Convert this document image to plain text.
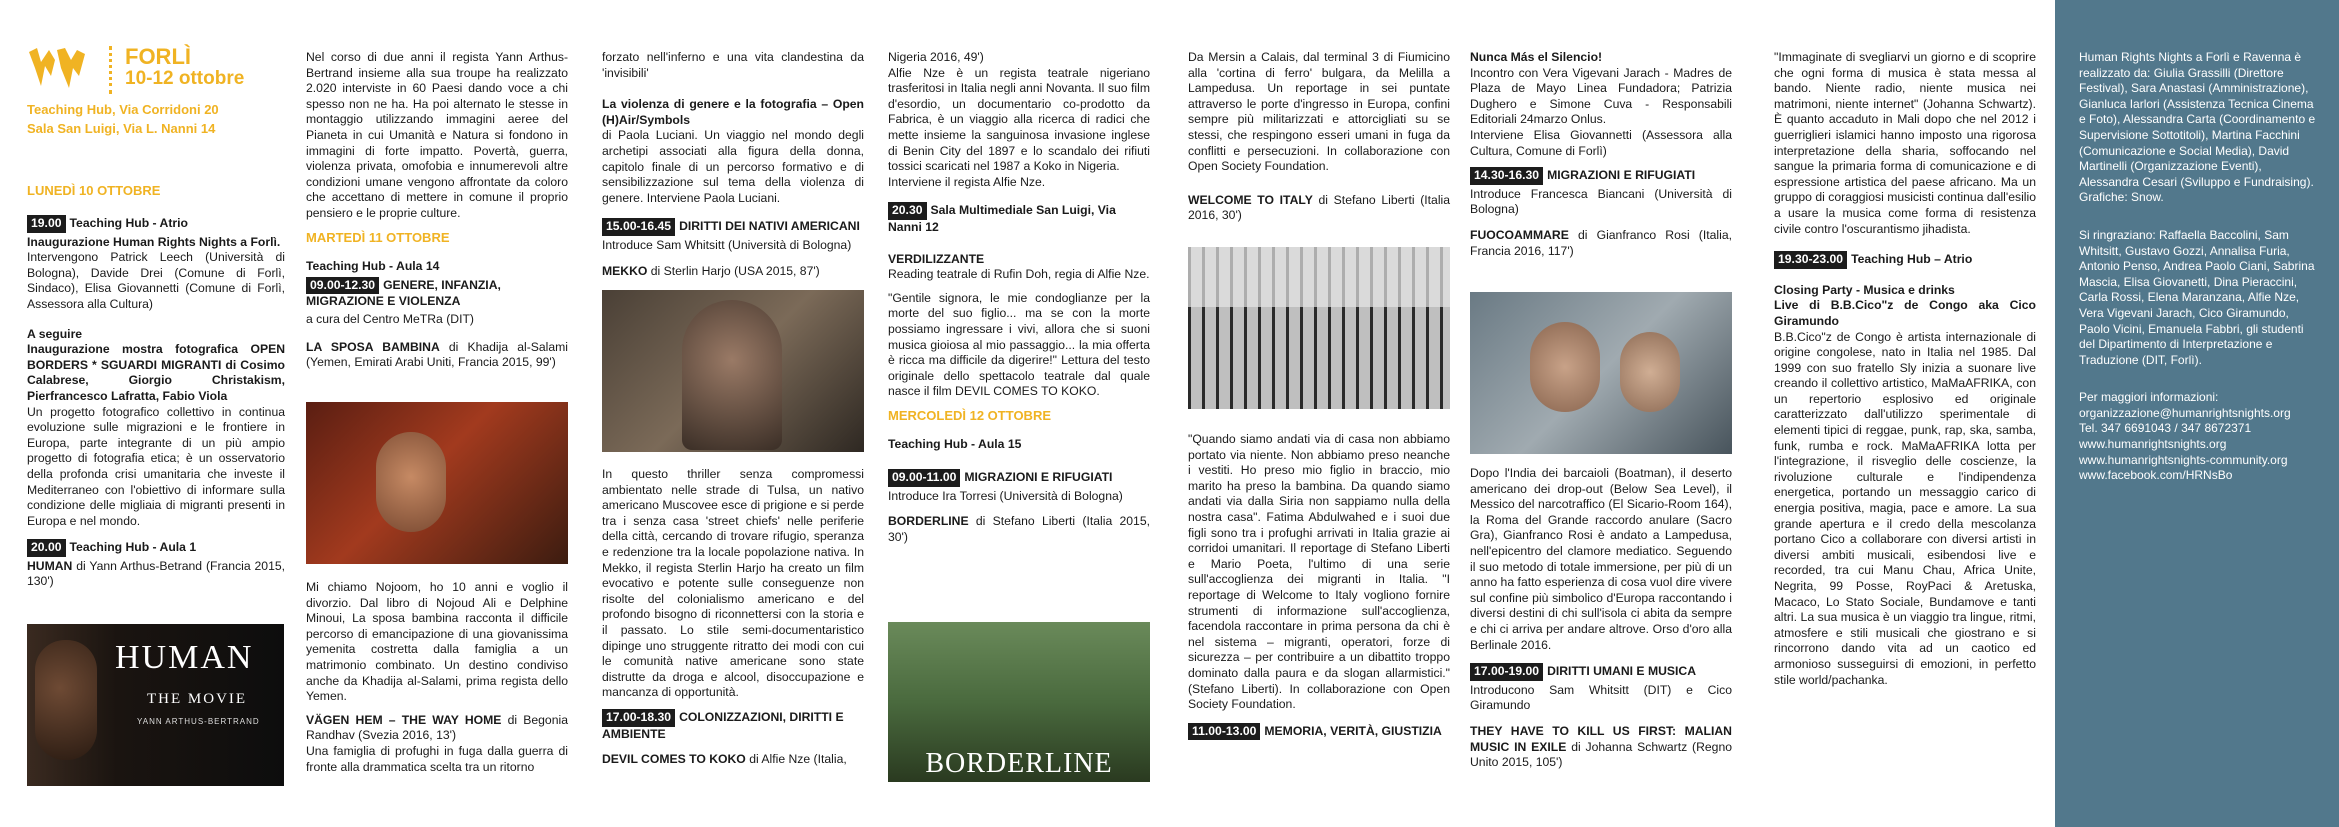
FORLÌ
10-12 ottobre
Teaching Hub, Via Corridoni 20
Sala San Luigi, Via L. Nanni 14
LUNEDÌ 10 OTTOBRE
19.00 Teaching Hub - Atrio

Inaugurazione Human Rights Nights a Forlì.

Intervengono Patrick Leech (Università di Bologna), Davide Drei (Comune di Forlì, Sindaco), Elisa Giovannetti (Comune di Forlì, Assessora alla Cultura)

A seguire

Inaugurazione mostra fotografica OPEN BORDERS * SGUARDI MIGRANTI di Cosimo Calabrese, Giorgio Christakism, Pierfrancesco Lafratta, Fabio Viola

Un progetto fotografico collettivo in continua evoluzione sulle migrazioni e le frontiere in Europa, parte integrante di un più ampio progetto di fotografia etica; è un osservatorio della profonda crisi umanitaria che investe il Mediterraneo con l'obiettivo di informare sulla condizione delle migliaia di migranti presenti in Europa e nel mondo.

20.00 Teaching Hub - Aula 1

HUMAN di Yann Arthus-Betrand (Francia 2015, 130')

HUMAN
THE MOVIE
YANN ARTHUS-BERTRAND

Nel corso di due anni il regista Yann Arthus-Bertrand insieme alla sua troupe ha realizzato 2.020 interviste in 60 Paesi dando voce a chi spesso non ne ha. Ha poi alternato le stesse in montaggio utilizzando immagini aeree del Pianeta in cui Umanità e Natura si fondono in immagini di forte impatto. Povertà, guerra, violenza privata, omofobia e innumerevoli altre condizioni umane vengono affrontate da coloro che accettano di mettere in comune il proprio pensiero e le proprie culture.

MARTEDÌ 11 OTTOBRE
Teaching Hub - Aula 14
09.00-12.30 GENERE, INFANZIA, MIGRAZIONE E VIOLENZA

a cura del Centro MeTRa (DIT)

LA SPOSA BAMBINA di Khadija al-Salami (Yemen, Emirati Arabi Uniti, Francia 2015, 99')

Mi chiamo Nojoom, ho 10 anni e voglio il divorzio. Dal libro di Nojoud Ali e Delphine Minoui, La sposa bambina racconta il difficile percorso di emancipazione di una giovanissima yemenita costretta dalla famiglia a un matrimonio combinato. Un destino condiviso anche da Khadija al-Salami, prima regista dello Yemen.

VÄGEN HEM – THE WAY HOME di Begonia Randhav (Svezia 2016, 13')

Una famiglia di profughi in fuga dalla guerra di fronte alla drammatica scelta tra un ritorno

forzato nell'inferno e una vita clandestina da 'invisibili'

La violenza di genere e la fotografia – Open (H)Air/Symbols

di Paola Luciani. Un viaggio nel mondo degli archetipi associati alla figura della donna, capitolo finale di un percorso formativo e di sensibilizzazione sul tema della violenza di genere. Interviene Paola Luciani.

15.00-16.45 DIRITTI DEI NATIVI AMERICANI

Introduce Sam Whitsitt (Università di Bologna)

MEKKO di Sterlin Harjo (USA 2015, 87')

In questo thriller senza compromessi ambientato nelle strade di Tulsa, un nativo americano Muscovee esce di prigione e si perde tra i senza casa 'street chiefs' nelle periferie della città, cercando di trovare rifugio, speranza e redenzione tra la locale popolazione nativa. In Mekko, il regista Sterlin Harjo ha creato un film evocativo e potente sulle conseguenze non risolte del colonialismo americano e del profondo bisogno di riconnettersi con la storia e il passato. Lo stile semi-documentaristico dipinge uno struggente ritratto dei modi con cui le comunità native americane sono state distrutte da droga e alcool, disoccupazione e mancanza di opportunità.

17.00-18.30 COLONIZZAZIONI, DIRITTI E AMBIENTE

DEVIL COMES TO KOKO di Alfie Nze (Italia,

Nigeria 2016, 49')

Alfie Nze è un regista teatrale nigeriano trasferitosi in Italia negli anni Novanta. Il suo film d'esordio, un documentario co-prodotto da Fabrica, è un viaggio alla ricerca di radici che mette insieme la sanguinosa invasione inglese di Benin City del 1897 e lo scandalo dei rifiuti tossici scaricati nel 1987 a Koko in Nigeria.

Interviene il regista Alfie Nze.

20.30 Sala Multimediale San Luigi, Via Nanni 12

VERDILIZZANTE

Reading teatrale di Rufin Doh, regia di Alfie Nze.

"Gentile signora, le mie condoglianze per la morte del suo figlio... ma se con la morte possiamo ingressare i vivi, allora che si suoni musica gioiosa al mio passaggio... la mia offerta è ricca ma difficile da digerire!" Lettura del testo originale dello spettacolo teatrale dal quale nasce il film DEVIL COMES TO KOKO.

MERCOLEDÌ 12 OTTOBRE
Teaching Hub - Aula 15
09.00-11.00 MIGRAZIONI E RIFUGIATI

Introduce Ira Torresi (Università di Bologna)

BORDERLINE di Stefano Liberti (Italia 2015, 30')

BORDERLINE

Da Mersin a Calais, dal terminal 3 di Fiumicino alla 'cortina di ferro' bulgara, da Melilla a Lampedusa. Un reportage in sei puntate attraverso le porte d'ingresso in Europa, confini sempre più militarizzati e attorcigliati su se stessi, che respingono esseri umani in fuga da conflitti e persecuzioni. In collaborazione con Open Society Foundation.

WELCOME TO ITALY di Stefano Liberti (Italia 2016, 30')

"Quando siamo andati via di casa non abbiamo portato via niente. Non abbiamo preso neanche i vestiti. Ho preso mio figlio in braccio, mio marito ha preso la bambina. Da quando siamo andati via dalla Siria non sappiamo nulla della nostra casa". Fatima Abdulwahed e i suoi due figli sono tra i profughi arrivati in Italia grazie ai corridoi umanitari. Il reportage di Stefano Liberti e Mario Poeta, l'ultimo di una serie sull'accoglienza dei migranti in Italia. "I reportage di Welcome to Italy vogliono fornire strumenti di informazione sull'accoglienza, facendola raccontare in prima persona da chi è nel sistema – migranti, operatori, forze di sicurezza – per contribuire a un dibattito troppo dominato dalla paura e da slogan allarmistici." (Stefano Liberti). In collaborazione con Open Society Foundation.

11.00-13.00 MEMORIA, VERITÀ, GIUSTIZIA

Nunca Más el Silencio!

Incontro con Vera Vigevani Jarach - Madres de Plaza de Mayo Linea Fundadora; Patrizia Dughero e Simone Cuva - Responsabili Editoriali 24marzo Onlus.

Interviene Elisa Giovannetti (Assessora alla Cultura, Comune di Forlì)

14.30-16.30 MIGRAZIONI E RIFUGIATI

Introduce Francesca Biancani (Università di Bologna)

FUOCOAMMARE di Gianfranco Rosi (Italia, Francia 2016, 117')

Dopo l'India dei barcaioli (Boatman), il deserto americano dei drop-out (Below Sea Level), il Messico del narcotraffico (El Sicario-Room 164), la Roma del Grande raccordo anulare (Sacro Gra), Gianfranco Rosi è andato a Lampedusa, nell'epicentro del clamore mediatico. Seguendo il suo metodo di totale immersione, per più di un anno ha fatto esperienza di cosa vuol dire vivere sul confine più simbolico d'Europa raccontando i diversi destini di chi sull'isola ci abita da sempre e chi ci arriva per andare altrove. Orso d'oro alla Berlinale 2016.

17.00-19.00 DIRITTI UMANI E MUSICA

Introducono Sam Whitsitt (DIT) e Cico Giramundo

THEY HAVE TO KILL US FIRST: MALIAN MUSIC IN EXILE di Johanna Schwartz (Regno Unito 2015, 105')

"Immaginate di svegliarvi un giorno e di scoprire che ogni forma di musica è stata messa al bando. Niente radio, niente musica nei matrimoni, niente internet" (Johanna Schwartz). È quanto accaduto in Mali dopo che nel 2012 i guerriglieri islamici hanno imposto una rigorosa interpretazione della sharia, soffocando nel sangue la primaria forma di comunicazione e di espressione artistica del paese africano. Ma un gruppo di coraggiosi musicisti continua dall'esilio a usare la musica come forma di resistenza civile contro l'oscurantismo jihadista.

19.30-23.00 Teaching Hub – Atrio

Closing Party - Musica e drinks

Live di B.B.Cico"z de Congo aka Cico Giramundo

B.B.Cico"z de Congo è artista internazionale di origine congolese, nato in Italia nel 1985. Dal 1999 con suo fratello Sly inizia a suonare live creando il collettivo artistico, MaMaAFRIKA, con un repertorio esplosivo ed originale caratterizzato dall'utilizzo sperimentale di elementi tipici di reggae, punk, rap, ska, samba, funk, rumba e rock. MaMaAFRIKA lotta per l'integrazione, il risveglio delle coscienze, la rivoluzione culturale e l'indipendenza energetica, portando un messaggio carico di energia positiva, magia, pace e amore. La sua grande apertura e il credo della mescolanza portano Cico a collaborare con diversi artisti in diversi ambiti musicali, esibendosi live e recorded, tra cui Manu Chau, Africa Unite, Negrita, 99 Posse, RoyPaci & Aretuska, Macaco, Lo Stato Sociale, Bundamove e tanti altri. La sua musica è un viaggio tra lingue, ritmi, atmosfere e stili musicali che giostrano e si rincorrono dando vita ad un caotico ed armonioso susseguirsi di emozioni, in perfetto stile world/pachanka.

Human Rights Nights a Forlì e Ravenna è realizzato da: Giulia Grassilli (Direttore Festival), Sara Anastasi (Amministrazione), Gianluca Iarlori (Assistenza Tecnica Cinema e Foto), Alessandra Carta (Coordinamento e Supervisione Sottotitoli), Martina Facchini (Comunicazione e Social Media), David Martinelli (Organizzazione Eventi), Alessandra Cesari (Sviluppo e Fundraising). Grafiche: Snow.

Si ringraziano: Raffaella Baccolini, Sam Whitsitt, Gustavo Gozzi, Annalisa Furia, Antonio Penso, Andrea Paolo Ciani, Sabrina Mascia, Elisa Giovanetti, Dina Pieraccini, Carla Rossi, Elena Maranzana, Alfie Nze, Vera Vigevani Jarach, Cico Giramundo, Paolo Vicini, Emanuela Fabbri, gli studenti del Dipartimento di Interpretazione e Traduzione (DIT, Forlì).

Per maggiori informazioni:
organizzazione@humanrightsnights.org
Tel. 347 6691043 / 347 8672371
www.humanrightsnights.org
www.humanrightsnights-community.org
www.facebook.com/HRNsBo
